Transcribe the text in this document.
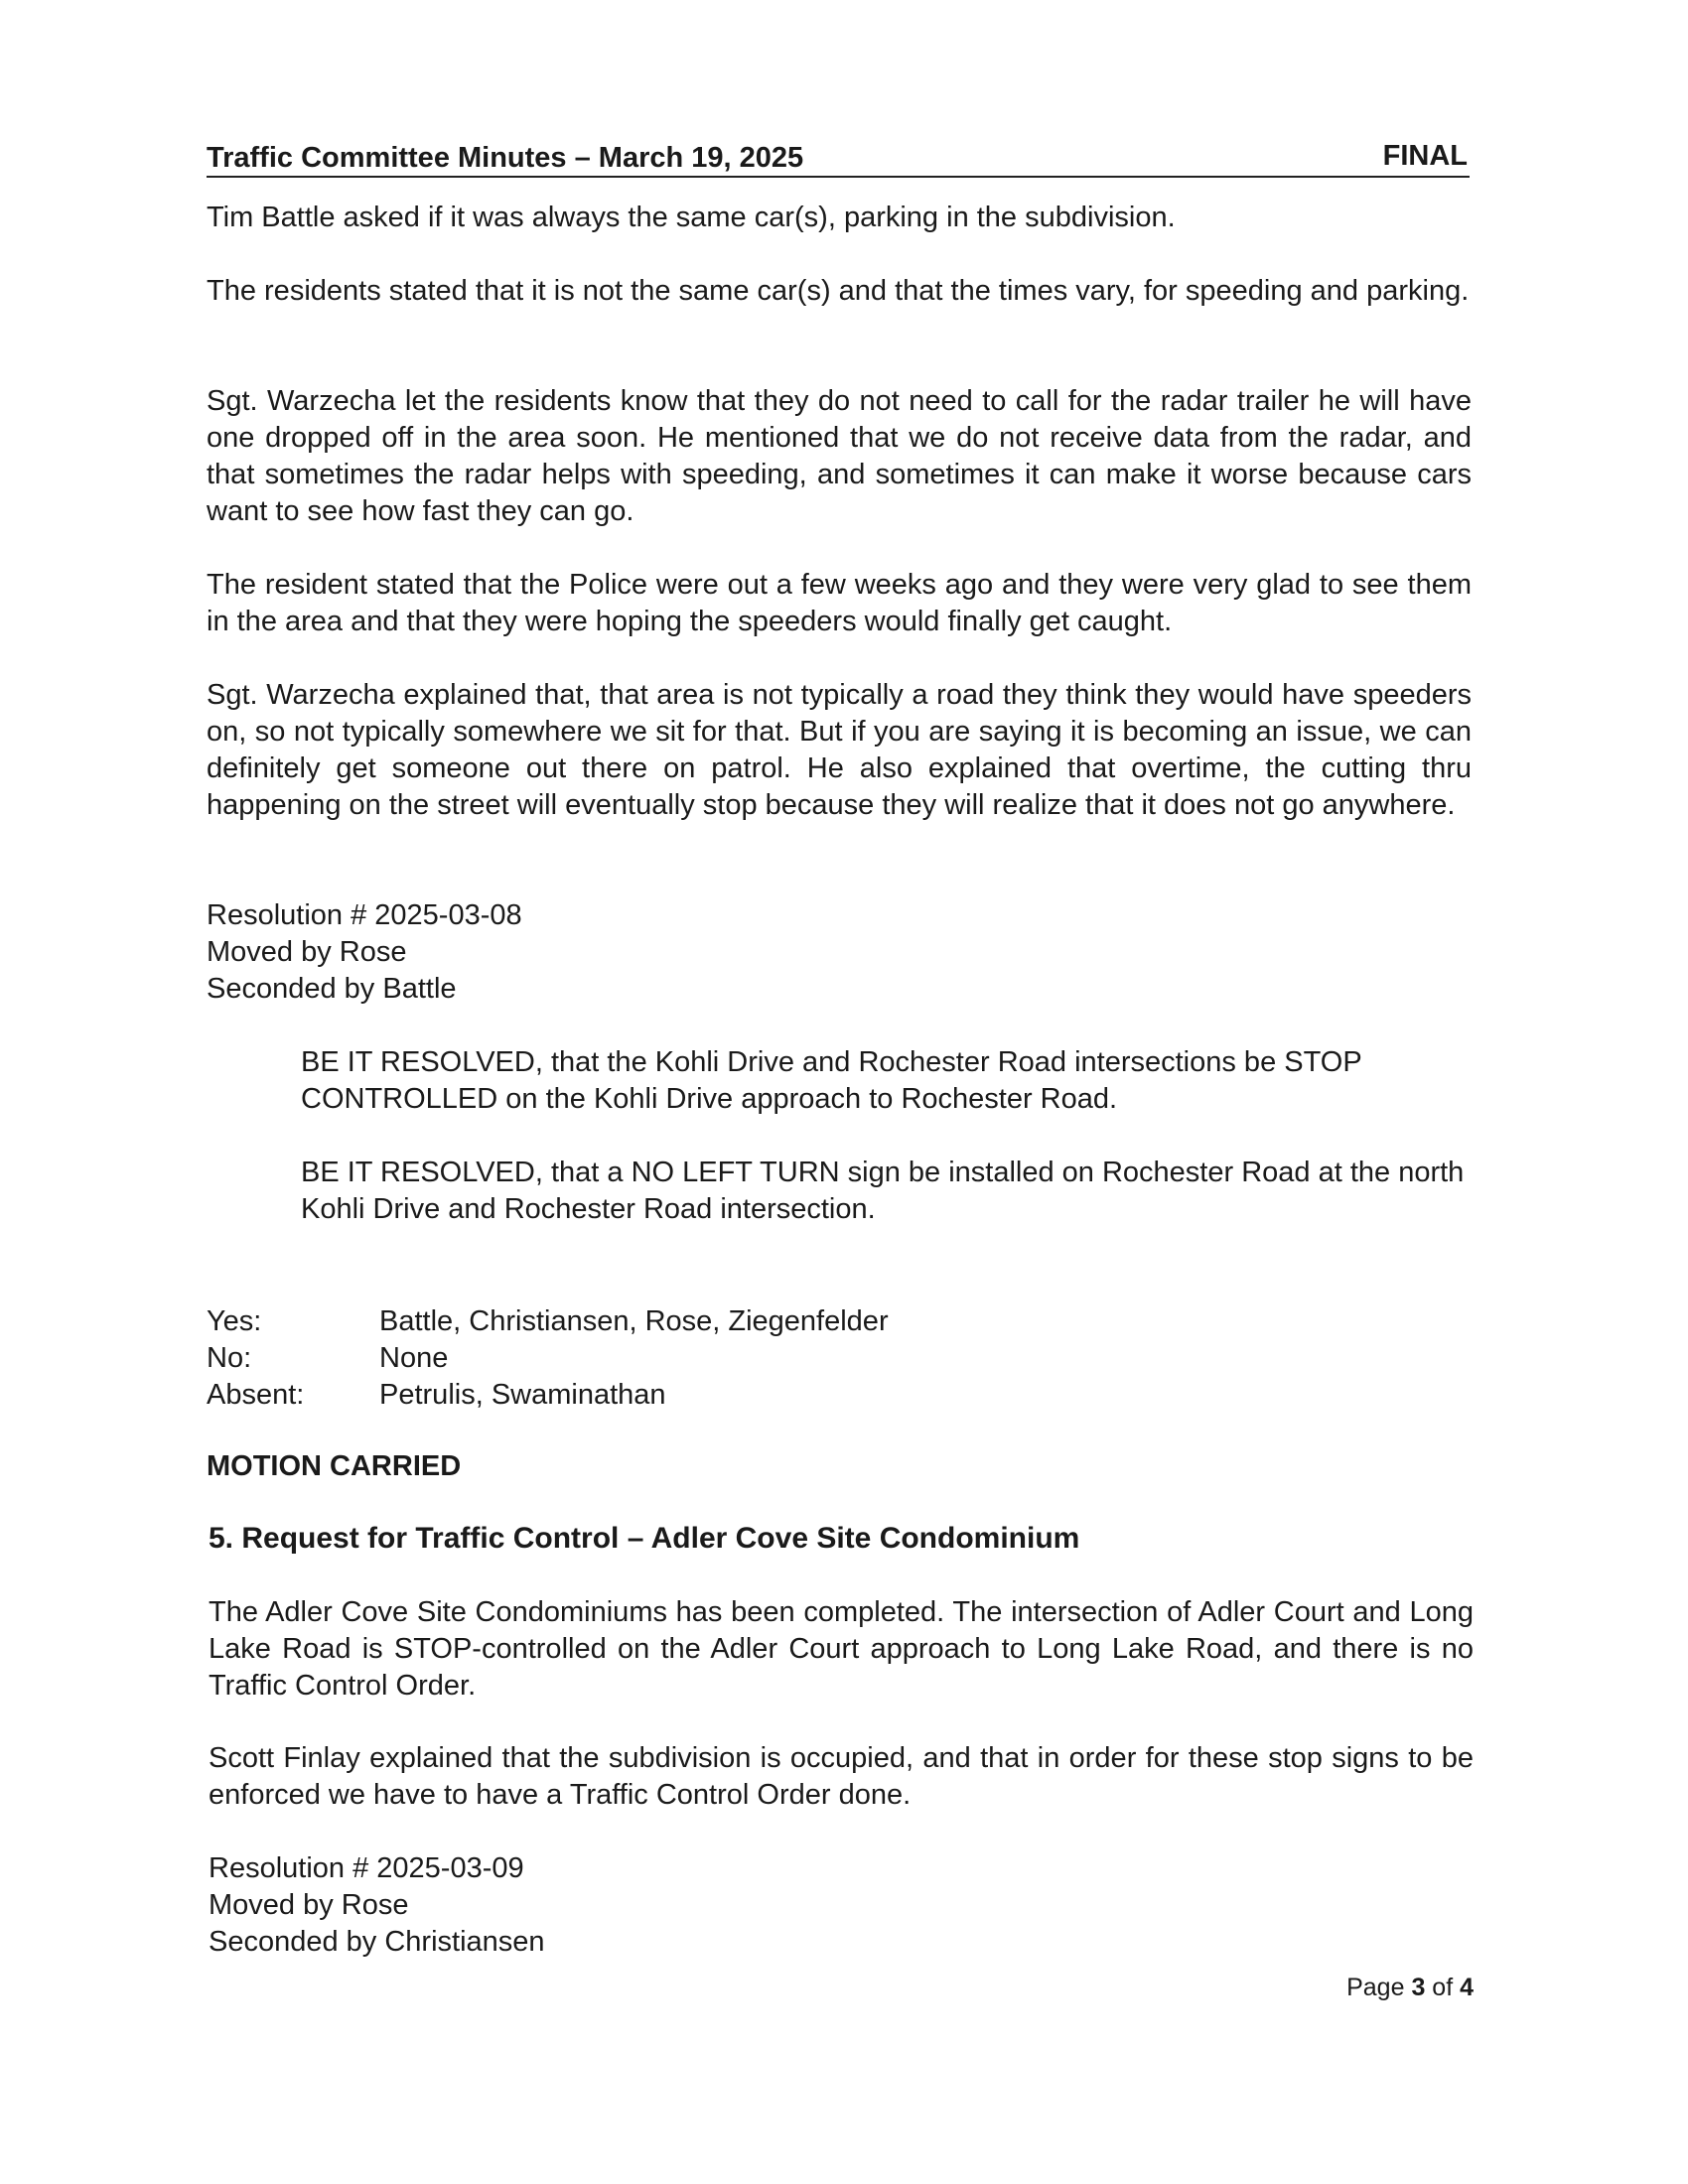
Traffic Committee Minutes – March 19, 2025	FINAL

Tim Battle asked if it was always the same car(s), parking in the subdivision.

The residents stated that it is not the same car(s) and that the times vary, for speeding and parking.

Sgt. Warzecha let the residents know that they do not need to call for the radar trailer he will have one dropped off in the area soon. He mentioned that we do not receive data from the radar, and that sometimes the radar helps with speeding, and sometimes it can make it worse because cars want to see how fast they can go.

The resident stated that the Police were out a few weeks ago and they were very glad to see them in the area and that they were hoping the speeders would finally get caught.

Sgt. Warzecha explained that, that area is not typically a road they think they would have speeders on, so not typically somewhere we sit for that. But if you are saying it is becoming an issue, we can definitely get someone out there on patrol. He also explained that overtime, the cutting thru happening on the street will eventually stop because they will realize that it does not go anywhere.

Resolution # 2025-03-08
Moved by Rose
Seconded by Battle

BE IT RESOLVED, that the Kohli Drive and Rochester Road intersections be STOP CONTROLLED on the Kohli Drive approach to Rochester Road.

BE IT RESOLVED, that a NO LEFT TURN sign be installed on Rochester Road at the north Kohli Drive and Rochester Road intersection.

Yes:	Battle, Christiansen, Rose, Ziegenfelder
No:	None
Absent:	Petrulis, Swaminathan
MOTION CARRIED
5. Request for Traffic Control – Adler Cove Site Condominium

The Adler Cove Site Condominiums has been completed. The intersection of Adler Court and Long Lake Road is STOP-controlled on the Adler Court approach to Long Lake Road, and there is no Traffic Control Order.

Scott Finlay explained that the subdivision is occupied, and that in order for these stop signs to be enforced we have to have a Traffic Control Order done.

Resolution # 2025-03-09
Moved by Rose
Seconded by Christiansen
Page 3 of 4
